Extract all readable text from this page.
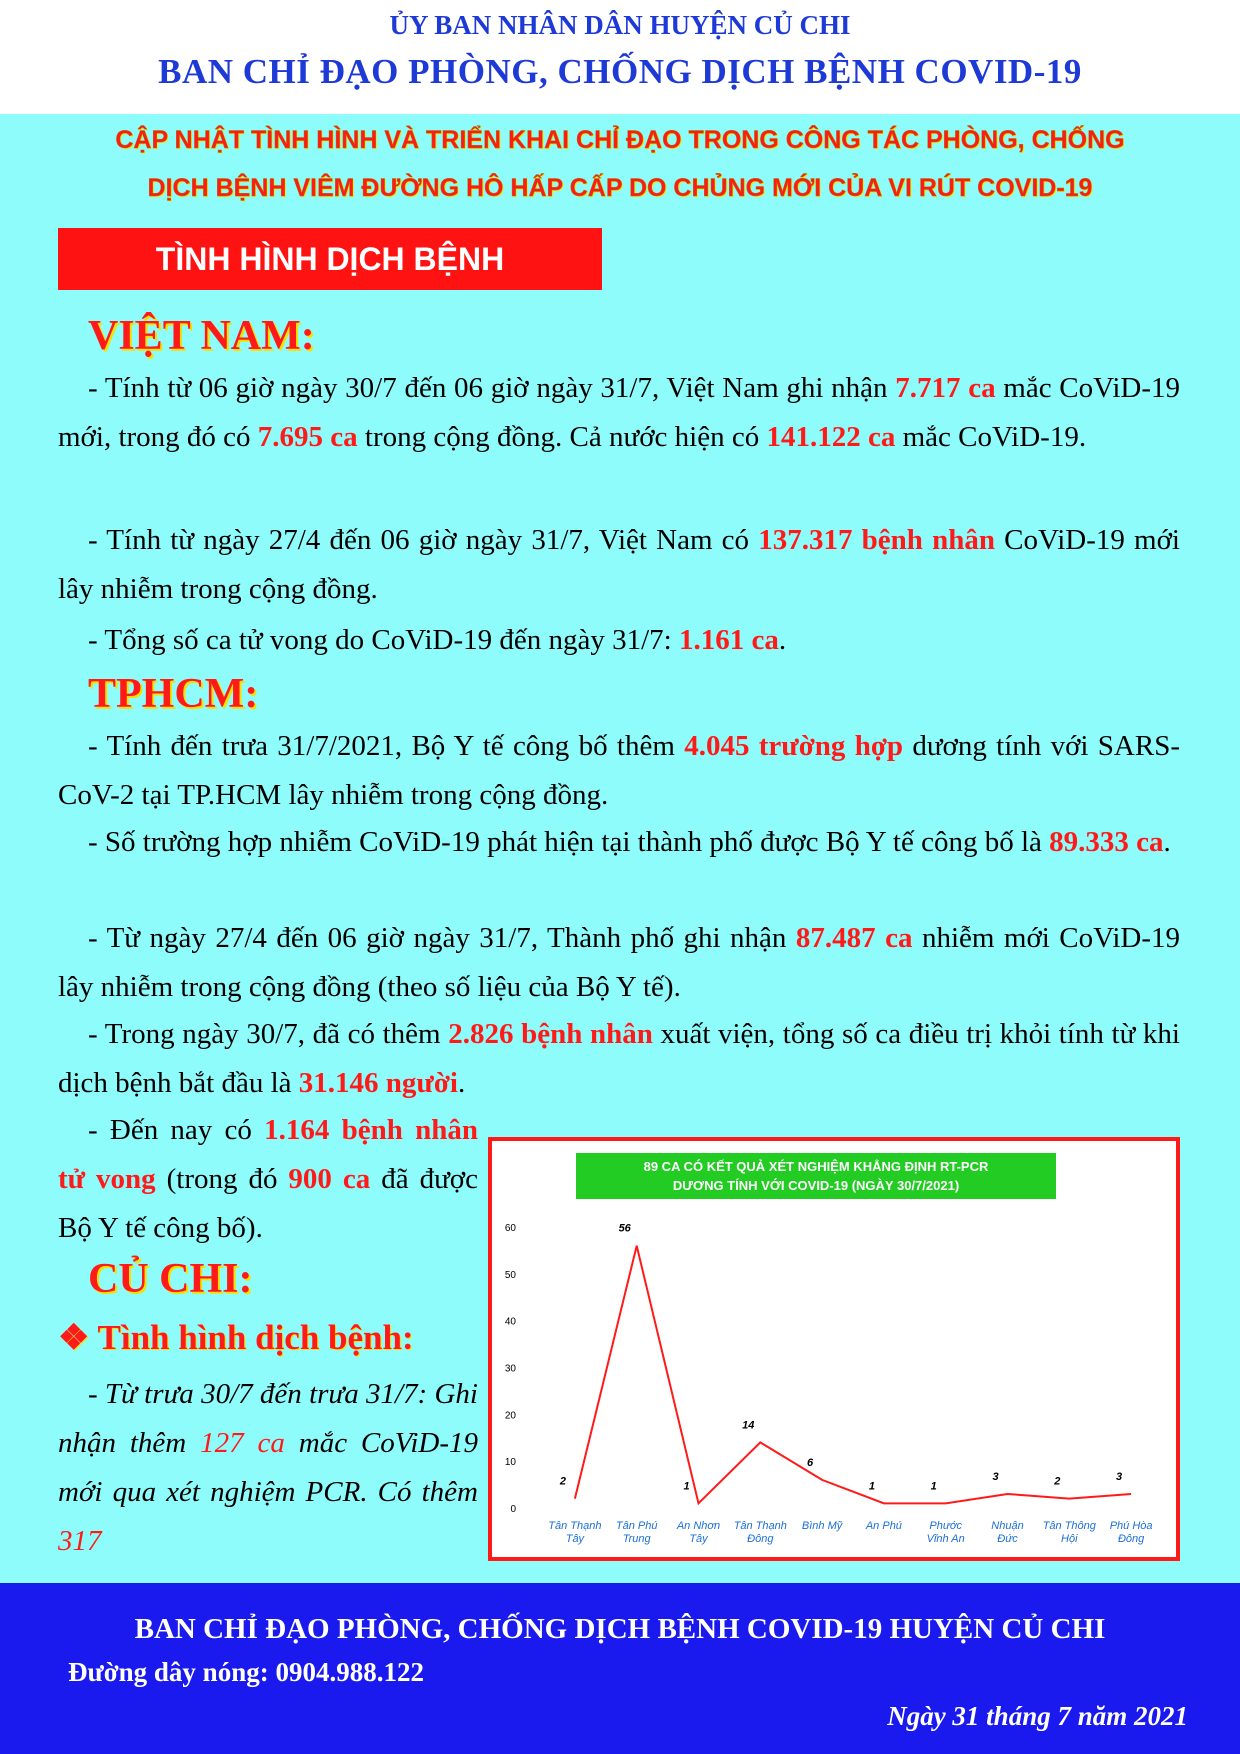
ỦY BAN NHÂN DÂN HUYỆN CỦ CHI
BAN CHỈ ĐẠO PHÒNG, CHỐNG DỊCH BỆNH COVID-19
CẬP NHẬT TÌNH HÌNH VÀ TRIỂN KHAI CHỈ ĐẠO TRONG CÔNG TÁC PHÒNG, CHỐNG
DỊCH BỆNH VIÊM ĐƯỜNG HÔ HẤP CẤP DO CHỦNG MỚI CỦA VI RÚT COVID-19
TÌNH HÌNH DỊCH BỆNH
VIỆT NAM:
- Tính từ 06 giờ ngày 30/7 đến 06 giờ ngày 31/7, Việt Nam ghi nhận 7.717 ca mắc CoViD-19 mới, trong đó có 7.695 ca trong cộng đồng. Cả nước hiện có 141.122 ca mắc CoViD-19.
- Tính từ ngày 27/4 đến 06 giờ ngày 31/7, Việt Nam có 137.317 bệnh nhân CoViD-19 mới lây nhiễm trong cộng đồng.
- Tổng số ca tử vong do CoViD-19 đến ngày 31/7: 1.161 ca.
TPHCM:
- Tính đến trưa 31/7/2021, Bộ Y tế công bố thêm 4.045 trường hợp dương tính với SARS-CoV-2 tại TP.HCM lây nhiễm trong cộng đồng.
- Số trường hợp nhiễm CoViD-19 phát hiện tại thành phố được Bộ Y tế công bố là 89.333 ca.
- Từ ngày 27/4 đến 06 giờ ngày 31/7, Thành phố ghi nhận 87.487 ca nhiễm mới CoViD-19 lây nhiễm trong cộng đồng (theo số liệu của Bộ Y tế).
- Trong ngày 30/7, đã có thêm 2.826 bệnh nhân xuất viện, tổng số ca điều trị khỏi tính từ khi dịch bệnh bắt đầu là 31.146 người.
- Đến nay có 1.164 bệnh nhân tử vong (trong đó 900 ca đã được Bộ Y tế công bố).
CỦ CHI:
❖ Tình hình dịch bệnh:
- Từ trưa 30/7 đến trưa 31/7: Ghi nhận thêm 127 ca mắc CoViD-19 mới qua xét nghiệm PCR. Có thêm 317
89 CA CÓ KẾT QUẢ XÉT NGHIỆM KHẲNG ĐỊNH RT-PCR
DƯƠNG TÍNH VỚI COVID-19 (NGÀY 30/7/2021)
0
10
20
30
40
50
60
2
56
1
14
6
1	1
3	2	3
Tân Thạnh
Tây
Tân Phú
Trung
An Nhơn
Tây
Tân Thạnh
Đông
Bình Mỹ An Phú Phước
Vĩnh An
Nhuận
Đức
Tân Thông
Hội
Phú Hòa
Đông
BAN CHỈ ĐẠO PHÒNG, CHỐNG DỊCH BỆNH COVID-19 HUYỆN CỦ CHI
Đường dây nóng: 0904.988.122
Ngày 31 tháng 7 năm 2021
